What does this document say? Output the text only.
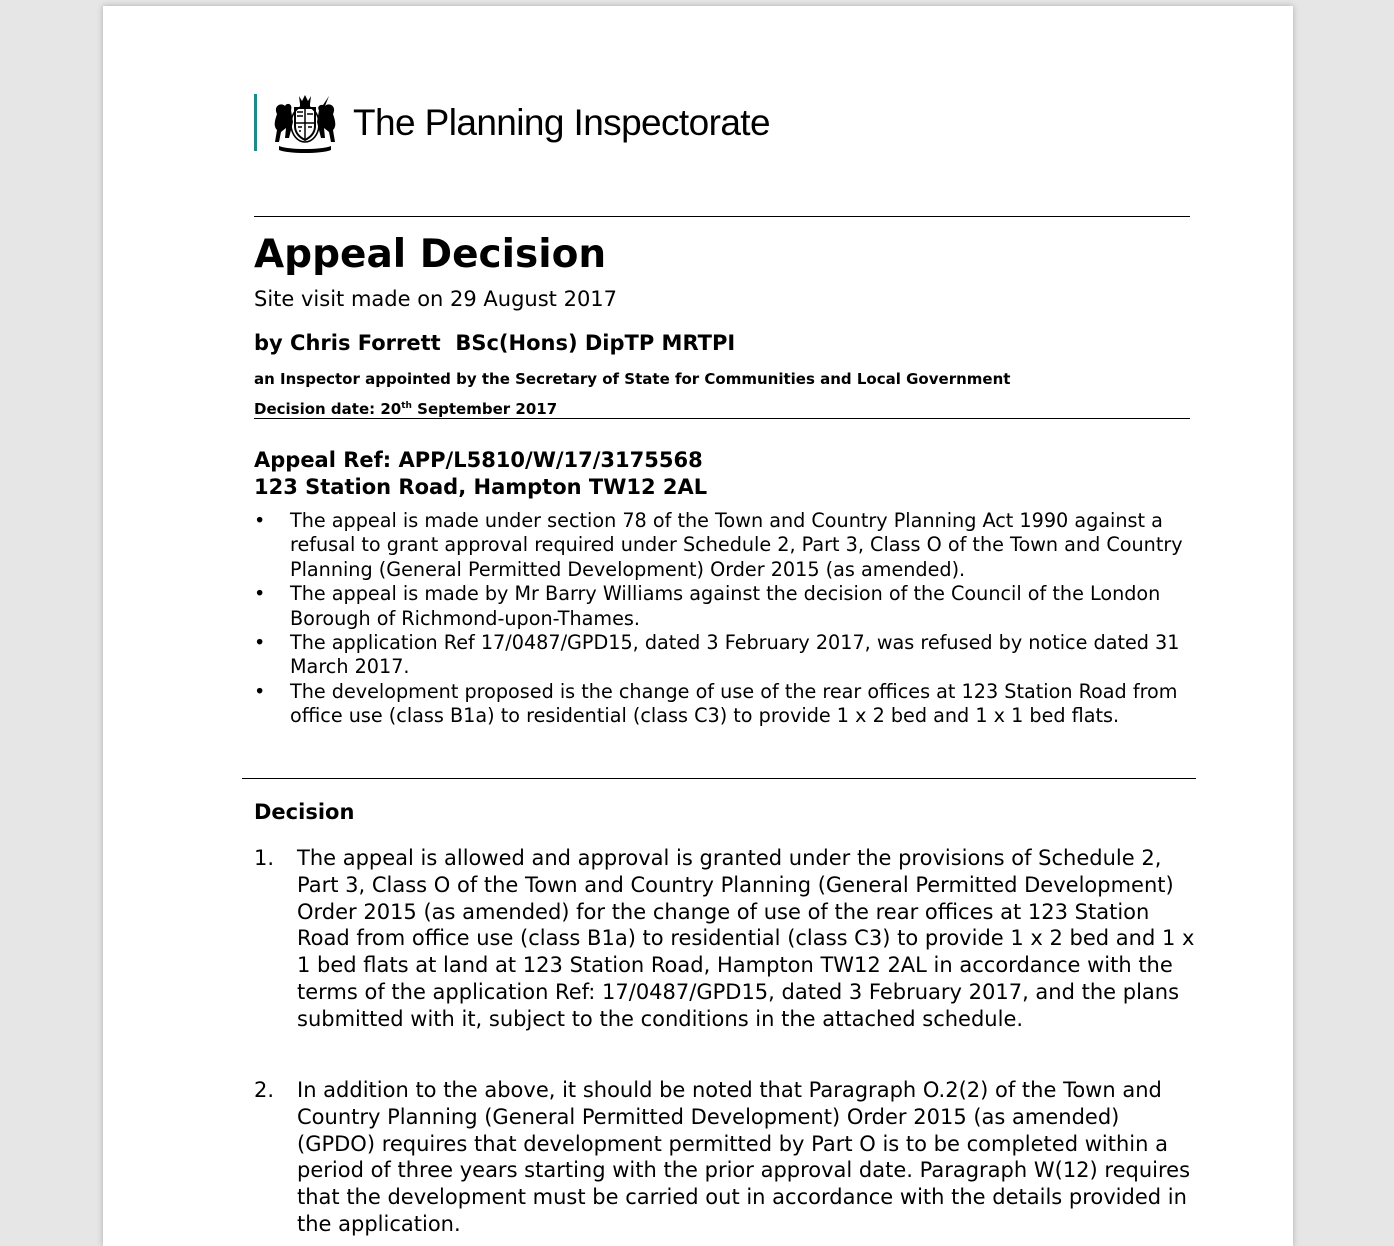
The Planning Inspectorate
Appeal Decision
Site visit made on 29 August 2017
by Chris Forrett  BSc(Hons) DipTP MRTPI
an Inspector appointed by the Secretary of State for Communities and Local Government
Decision date: 20th September 2017
Appeal Ref: APP/L5810/W/17/3175568
123 Station Road, Hampton TW12 2AL
• The appeal is made under section 78 of the Town and Country Planning Act 1990 against a refusal to grant approval required under Schedule 2, Part 3, Class O of the Town and Country Planning (General Permitted Development) Order 2015 (as amended).
• The appeal is made by Mr Barry Williams against the decision of the Council of the London Borough of Richmond-upon-Thames.
• The application Ref 17/0487/GPD15, dated 3 February 2017, was refused by notice dated 31 March 2017.
• The development proposed is the change of use of the rear offices at 123 Station Road from office use (class B1a) to residential (class C3) to provide 1 x 2 bed and 1 x 1 bed flats.
Decision
1. The appeal is allowed and approval is granted under the provisions of Schedule 2, Part 3, Class O of the Town and Country Planning (General Permitted Development) Order 2015 (as amended) for the change of use of the rear offices at 123 Station Road from office use (class B1a) to residential (class C3) to provide 1 x 2 bed and 1 x 1 bed flats at land at 123 Station Road, Hampton TW12 2AL in accordance with the terms of the application Ref: 17/0487/GPD15, dated 3 February 2017, and the plans submitted with it, subject to the conditions in the attached schedule.
2. In addition to the above, it should be noted that Paragraph O.2(2) of the Town and Country Planning (General Permitted Development) Order 2015 (as amended) (GPDO) requires that development permitted by Part O is to be completed within a period of three years starting with the prior approval date. Paragraph W(12) requires that the development must be carried out in accordance with the details provided in the application.
